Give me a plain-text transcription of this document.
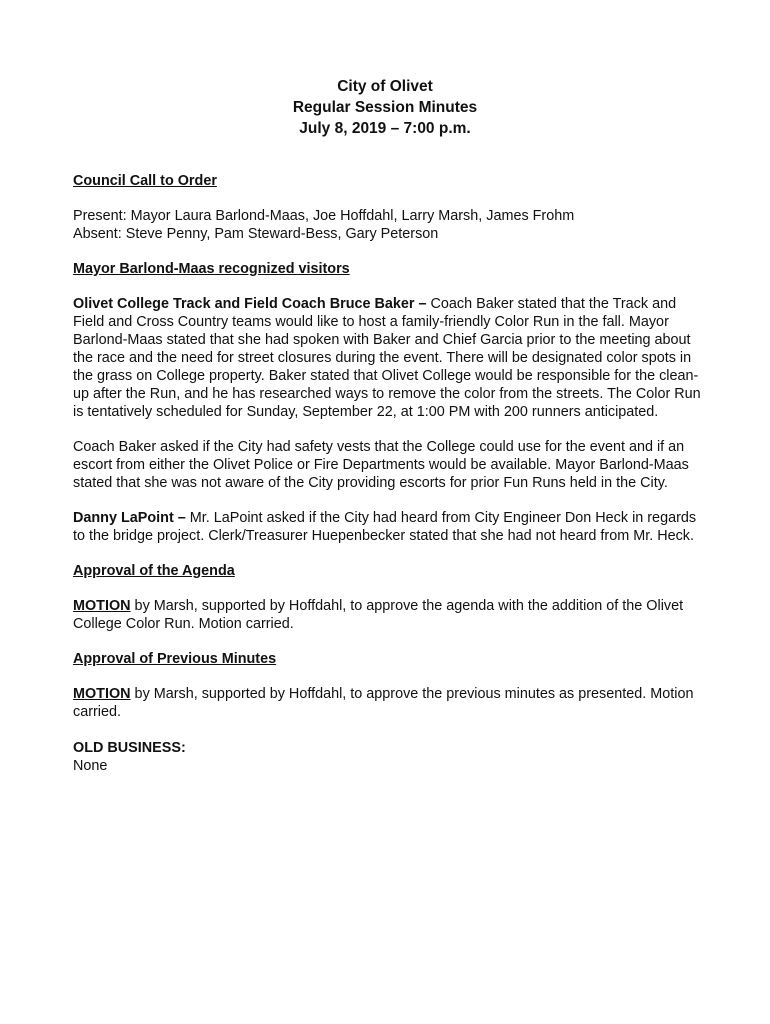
City of Olivet
Regular Session Minutes
July 8, 2019 – 7:00 p.m.
Council Call to Order

Present: Mayor Laura Barlond-Maas, Joe Hoffdahl, Larry Marsh, James Frohm
Absent: Steve Penny, Pam Steward-Bess, Gary Peterson

Mayor Barlond-Maas recognized visitors

Olivet College Track and Field Coach Bruce Baker – Coach Baker stated that the Track and Field and Cross Country teams would like to host a family-friendly Color Run in the fall. Mayor Barlond-Maas stated that she had spoken with Baker and Chief Garcia prior to the meeting about the race and the need for street closures during the event. There will be designated color spots in the grass on College property. Baker stated that Olivet College would be responsible for the clean-up after the Run, and he has researched ways to remove the color from the streets. The Color Run is tentatively scheduled for Sunday, September 22, at 1:00 PM with 200 runners anticipated.

Coach Baker asked if the City had safety vests that the College could use for the event and if an escort from either the Olivet Police or Fire Departments would be available. Mayor Barlond-Maas stated that she was not aware of the City providing escorts for prior Fun Runs held in the City.

Danny LaPoint – Mr. LaPoint asked if the City had heard from City Engineer Don Heck in regards to the bridge project. Clerk/Treasurer Huepenbecker stated that she had not heard from Mr. Heck.

Approval of the Agenda

MOTION by Marsh, supported by Hoffdahl, to approve the agenda with the addition of the Olivet College Color Run. Motion carried.

Approval of Previous Minutes

MOTION by Marsh, supported by Hoffdahl, to approve the previous minutes as presented. Motion carried.

OLD BUSINESS:
None
